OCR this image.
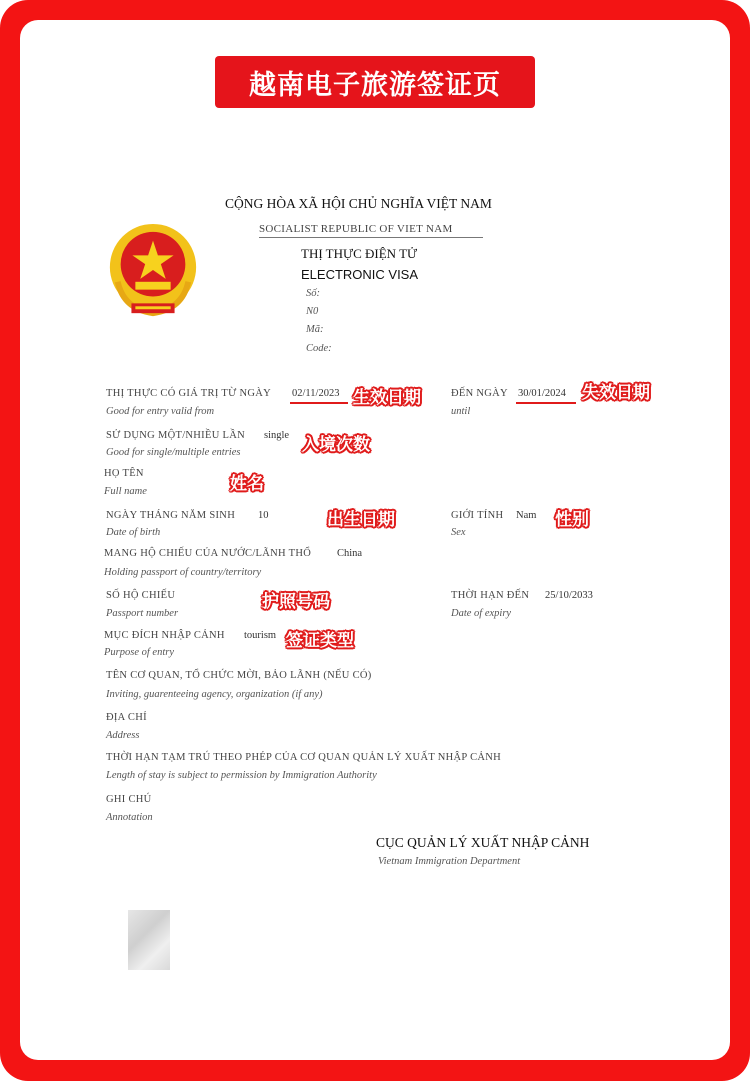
越南电子旅游签证页
CỘNG HÒA XÃ HỘI CHỦ NGHĨA VIỆT NAM
SOCIALIST REPUBLIC OF VIET NAM
THỊ THỰC ĐIỆN TỬ
ELECTRONIC VISA
Số:
N0
Mã:
Code:
THỊ THỰC CÓ GIÁ TRỊ TỪ NGÀY 02/11/2023 生效日期
Good for entry valid from
ĐẾN NGÀY 30/01/2024 失效日期
until
SỬ DỤNG MỘT/NHIỀU LẦN single 入境次数
Good for single/multiple entries
HỌ TÊN
姓名
Full name
NGÀY THÁNG NĂM SINH 10	出生日期
Date of birth
GIỚI TÍNH Nam 性别
Sex
MANG HỘ CHIẾU CỦA NƯỚC/LÃNH THỔ China
Holding passport of country/territory
SỐ HỘ CHIẾU	护照号码
Passport number
THỜI HẠN ĐẾN 25/10/2033
Date of expiry
MỤC ĐÍCH NHẬP CẢNH tourism 签证类型
Purpose of entry
TÊN CƠ QUAN, TỔ CHỨC MỜI, BẢO LÃNH (NẾU CÓ)
Inviting, guarenteeing agency, organization (if any)
ĐỊA CHỈ
Address
THỜI HẠN TẠM TRÚ THEO PHÉP CỦA CƠ QUAN QUẢN LÝ XUẤT NHẬP CẢNH
Length of stay is subject to permission by Immigration Authority
GHI CHÚ
Annotation
CỤC QUẢN LÝ XUẤT NHẬP CẢNH
Vietnam Immigration Department
